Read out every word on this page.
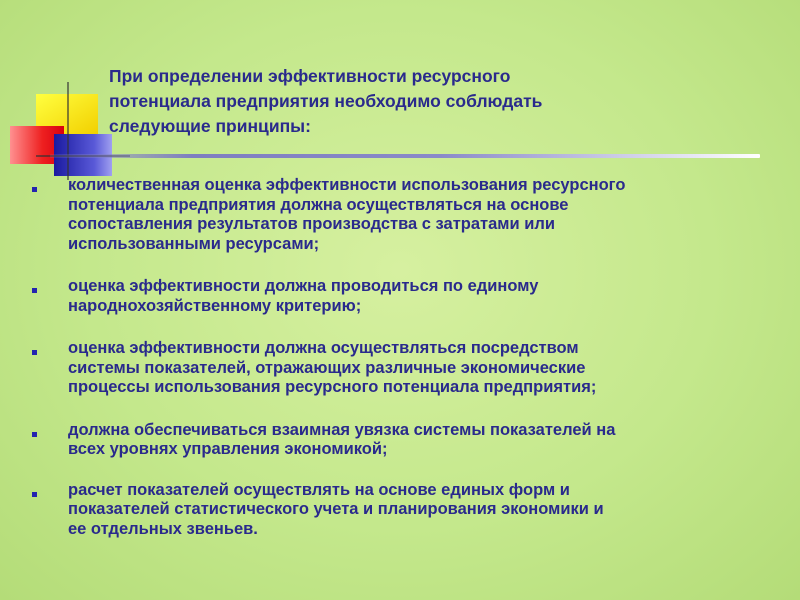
При определении эффективности ресурсного
потенциала предприятия необходимо соблюдать
следующие принципы:
количественная оценка эффективности использования ресурсного
потенциала предприятия должна осуществляться на основе
сопоставления результатов производства с затратами или
использованными ресурсами;
оценка эффективности должна проводиться по единому
народнохозяйственному критерию;
оценка эффективности должна осуществляться посредством
системы показателей, отражающих различные экономические
процессы использования ресурсного потенциала предприятия;
должна обеспечиваться взаимная увязка системы показателей на
всех уровнях управления экономикой;
расчет показателей осуществлять на основе единых форм и
показателей статистического учета и планирования экономики и
ее отдельных звеньев.
